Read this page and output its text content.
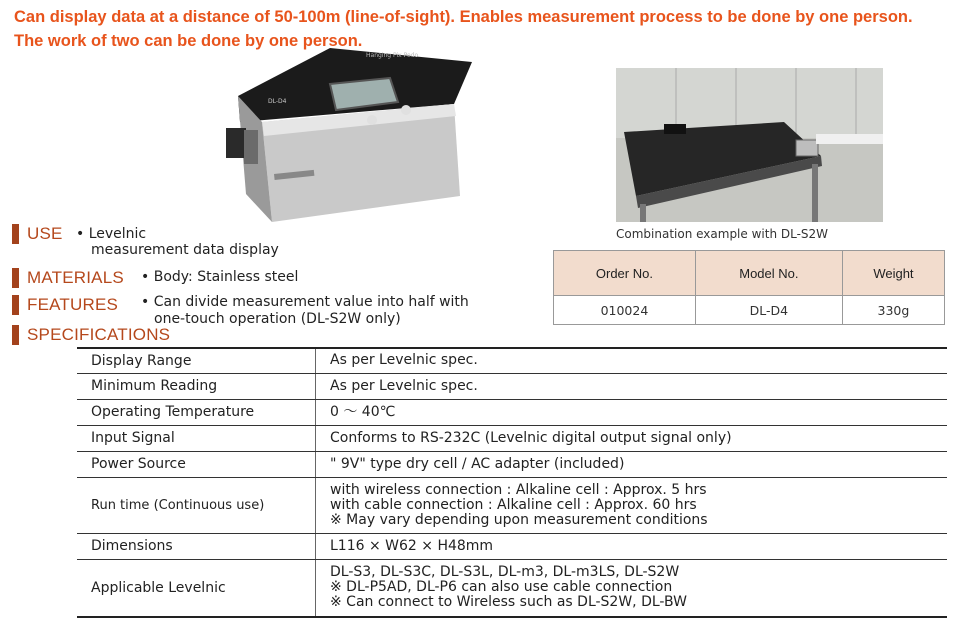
Can display data at a distance of 50-100m (line-of-sight). Enables measurement process to be done by one person.
The work of two can be done by one person.
Hanging Pix Pedo
DL-D4
Combination example with DL-S2W
Order No.	Model No.	Weight
010024	DL-D4	330g
USE • Levelnic
measurement data display
MATERIALS • Body: Stainless steel
FEATURES • Can divide measurement value into half with
one-touch operation (DL-S2W only)
SPECIFICATIONS
Display Range	As per Levelnic spec.
Minimum Reading	As per Levelnic spec.
Operating Temperature	0 ～ 40℃
Input Signal	Conforms to RS-232C (Levelnic digital output signal only)
Power Source	" 9V" type dry cell / AC adapter (included)
Run time (Continuous use)	with wireless connection : Alkaline cell : Approx. 5 hrs
with cable connection : Alkaline cell : Approx. 60 hrs
※ May vary depending upon measurement conditions

Dimensions	L116 × W62 × H48mm
Applicable Levelnic	DL-S3, DL-S3C, DL-S3L, DL-m3, DL-m3LS, DL-S2W
※ DL-P5AD, DL-P6 can also use cable connection
※ Can connect to Wireless such as DL-S2W, DL-BW
